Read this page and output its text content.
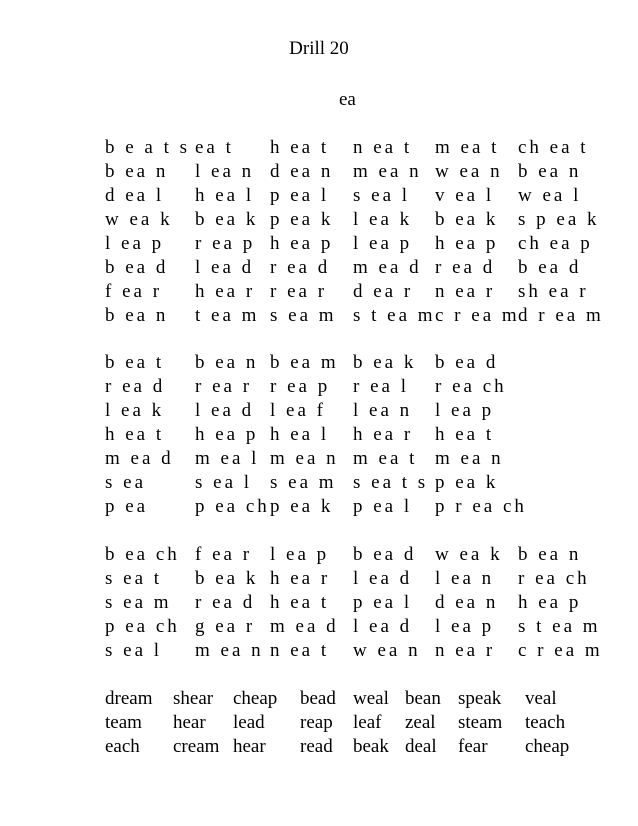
Drill 20
ea
b e a t s ea t h ea t n ea t m ea t ch ea t
b ea n l ea n d ea n m ea n w ea n b ea n
d ea l h ea l p ea l s ea l v ea l w ea l
w ea k b ea k p ea k l ea k b ea k s p ea k
l ea p r ea p h ea p l ea p h ea p ch ea p
b ea d l ea d r ea d m ea d r ea d b ea d
f ea r h ea r r ea r d ea r n ea r sh ea r
b ea n t ea m s ea m s t ea m c r ea m
d r ea m
b ea t b ea n b ea m b ea k b ea d
r ea d r ea r r ea p r ea l r ea ch
l ea k l ea d l ea f l ea n l ea p
h ea t h ea p h ea l h ea r h ea t
m ea d m ea l m ea n m ea t m ea n
s ea	s ea l s ea m s ea t s p ea k
p ea p ea ch p ea k p ea l p r ea ch
b ea ch f ea r l ea p b ea d w ea k b ea n
s ea t b ea k h ea r l ea d l ea n r ea ch
s ea m r ea d h ea t p ea l d ea n h ea p
p ea ch g ea r m ea d l ea d l ea p s t ea m
s ea l m ea n n ea t w ea n n ea r c r ea m
dream shear cheap bead weal bean speak veal
team hear lead reap leaf zeal steam teach
each cream hear read beak deal fear cheap
